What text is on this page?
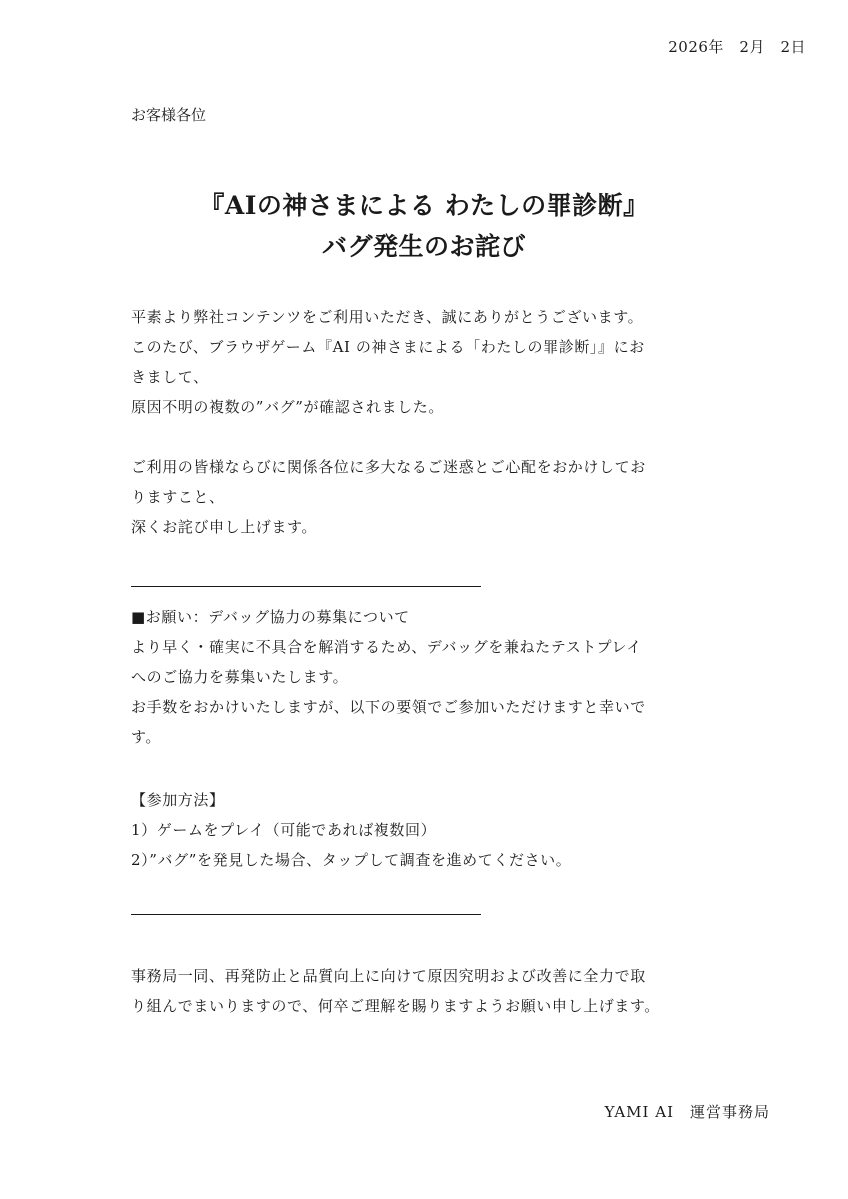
2026年　2月　2日
お客様各位
『AIの神さまによる わたしの罪診断』
バグ発生のお詫び
平素より弊社コンテンツをご利用いただき、誠にありがとうございます。
このたび、ブラウザゲーム『AI の神さまによる「わたしの罪診断」』にお
きまして、
原因不明の複数の”バグ”が確認されました。
ご利用の皆様ならびに関係各位に多大なるご迷惑とご心配をおかけしてお
りますこと、
深くお詫び申し上げます。
■お願い：デバッグ協力の募集について
より早く・確実に不具合を解消するため、デバッグを兼ねたテストプレイ
へのご協力を募集いたします。
お手数をおかけいたしますが、以下の要領でご参加いただけますと幸いで
す。
【参加方法】
1）ゲームをプレイ（可能であれば複数回）
2）”バグ”を発見した場合、タップして調査を進めてください。
事務局一同、再発防止と品質向上に向けて原因究明および改善に全力で取
り組んでまいりますので、何卒ご理解を賜りますようお願い申し上げます。
YAMI AI　運営事務局
